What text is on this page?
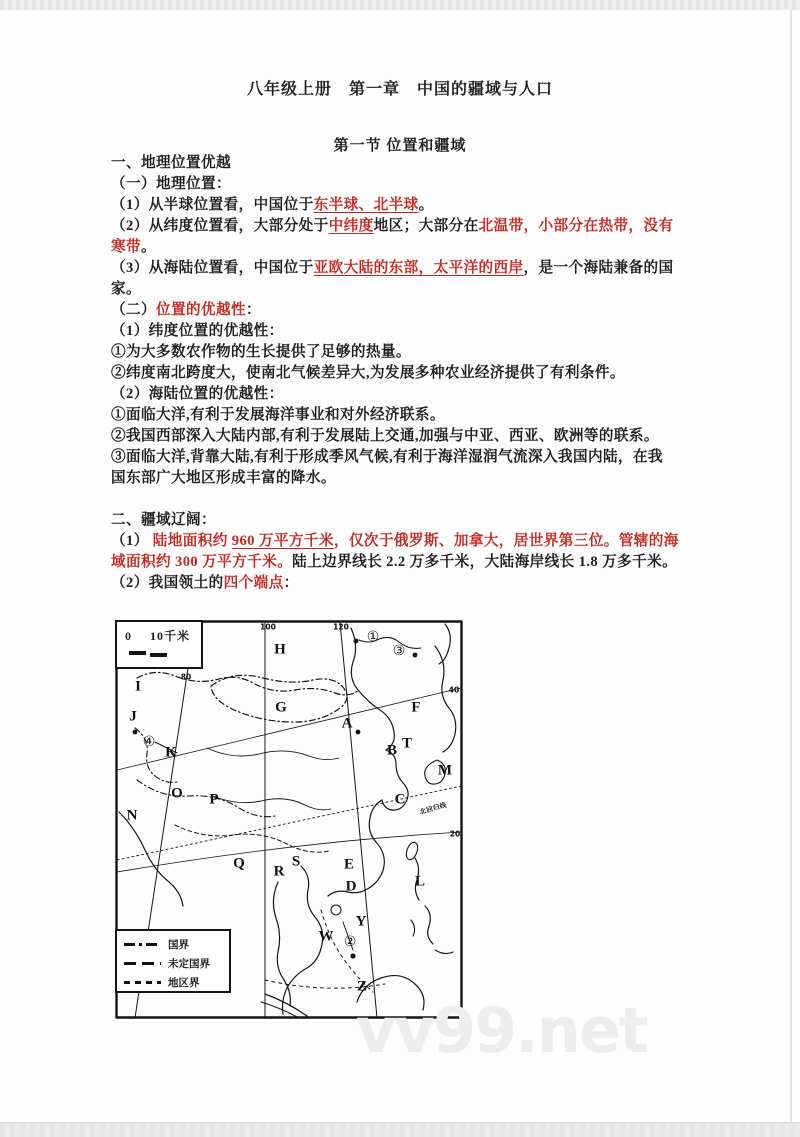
八年级上册　第一章　中国的疆域与人口
第一节 位置和疆域
一、地理位置优越
（一）地理位置：
（1）从半球位置看，中国位于东半球、北半球。
（2）从纬度位置看，大部分处于中纬度地区；大部分在北温带，小部分在热带，没有
寒带。
（3）从海陆位置看，中国位于亚欧大陆的东部，太平洋的西岸，是一个海陆兼备的国
家。
（二）位置的优越性：
（1）纬度位置的优越性：
①为大多数农作物的生长提供了足够的热量。
②纬度南北跨度大，使南北气候差异大,为发展多种农业经济提供了有利条件。
（2）海陆位置的优越性：
①面临大洋,有利于发展海洋事业和对外经济联系。
②我国西部深入大陆内部,有利于发展陆上交通,加强与中亚、西亚、欧洲等的联系。
③面临大洋,背靠大陆,有利于形成季风气候,有利于海洋湿润气流深入我国内陆，在我
国东部广大地区形成丰富的降水。
二、疆域辽阔：
（1） 陆地面积约 960 万平方千米，仅次于俄罗斯、加拿大，居世界第三位。管辖的海
域面积约 300 万平方千米。陆上边界线长 2.2 万多千米，大陆海岸线长 1.8 万多千米。
（2）我国领土的四个端点：
0 10千米
国界
未定国界
地区界
北回归线
H
①
③
I
G
J
④
K
A
F
B T
M
O P
N
C
Q R
S	E
D	L
Y
W ②
Z
100	120
80
40
20
vv99.net
